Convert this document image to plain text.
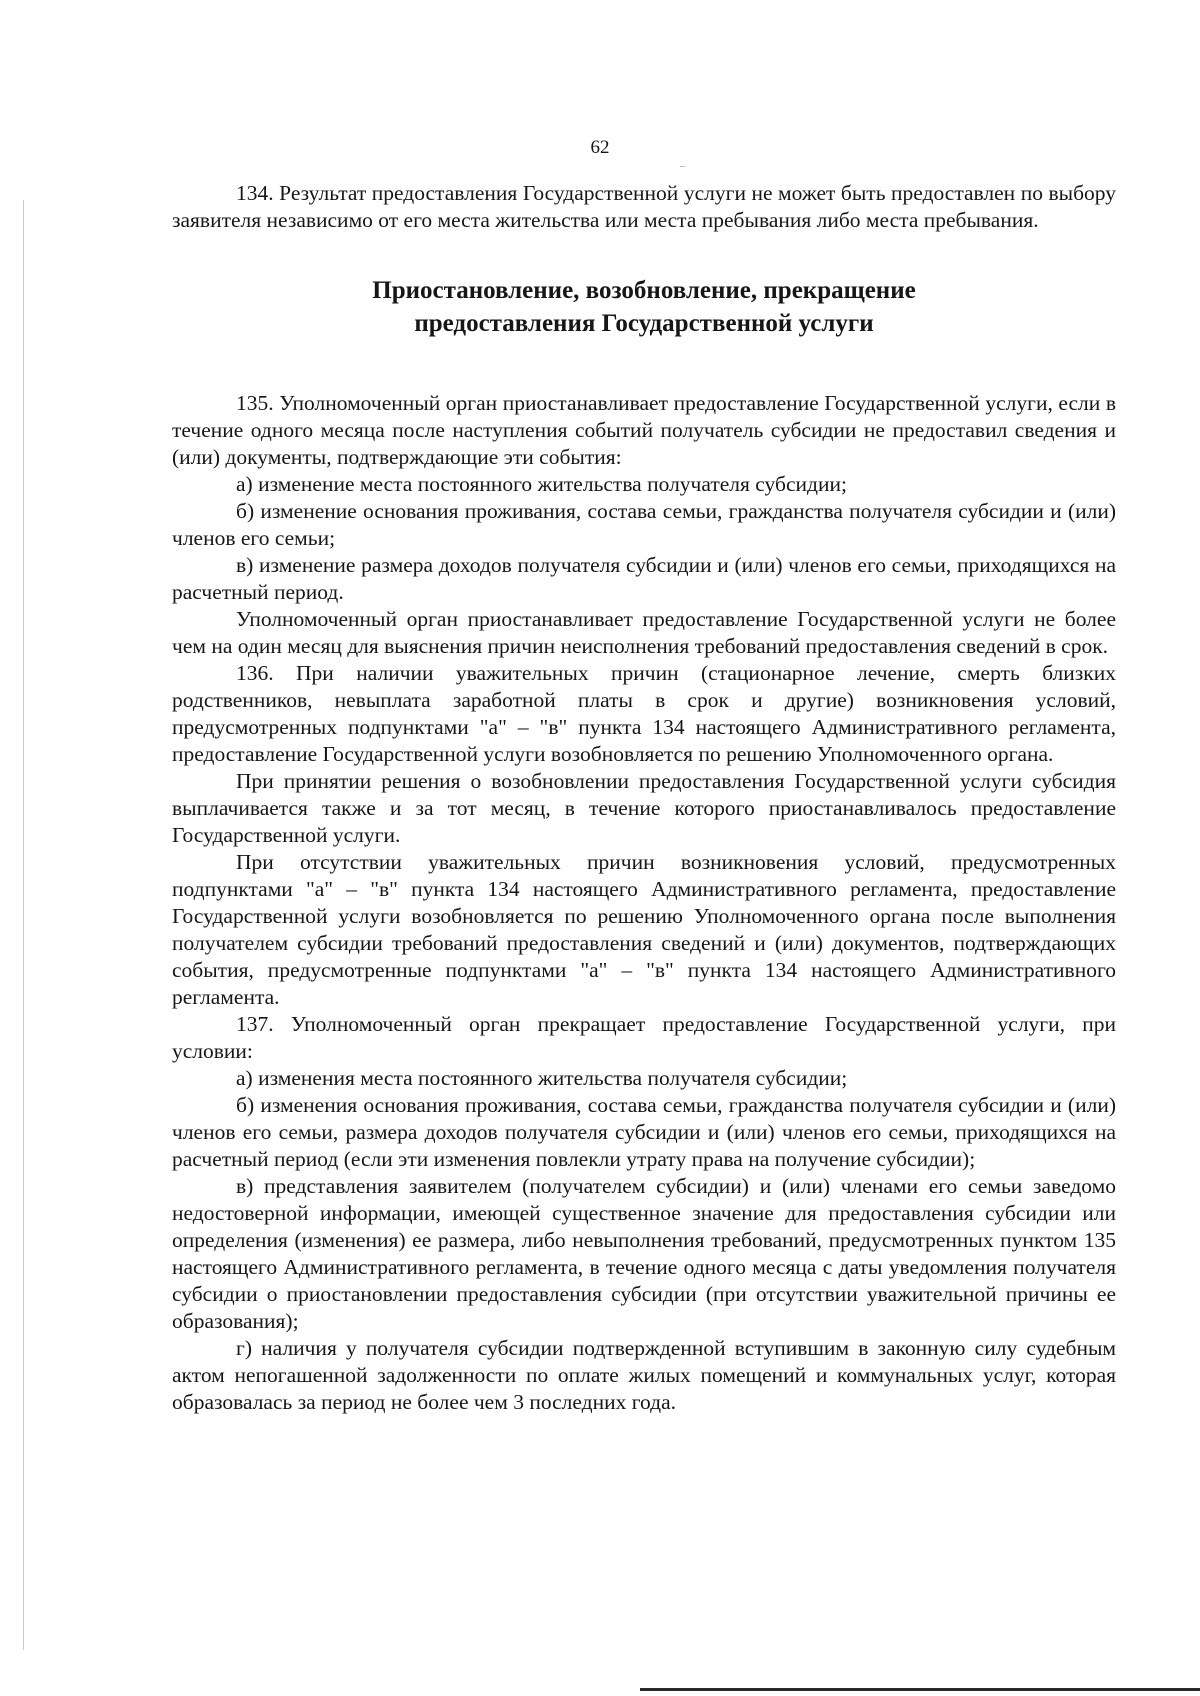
62

134. Результат предоставления Государственной услуги не может быть предоставлен по выбору заявителя независимо от его места жительства или места пребывания либо места пребывания.

Приостановление, возобновление, прекращение
предоставления Государственной услуги

135. Уполномоченный орган приостанавливает предоставление Государственной услуги, если в течение одного месяца после наступления событий получатель субсидии не предоставил сведения и (или) документы, подтверждающие эти события:

а) изменение места постоянного жительства получателя субсидии;

б) изменение основания проживания, состава семьи, гражданства получателя субсидии и (или) членов его семьи;

в) изменение размера доходов получателя субсидии и (или) членов его семьи, приходящихся на расчетный период.

Уполномоченный орган приостанавливает предоставление Государственной услуги не более чем на один месяц для выяснения причин неисполнения требований предоставления сведений в срок.

136. При наличии уважительных причин (стационарное лечение, смерть близких родственников, невыплата заработной платы в срок и другие) возникновения условий, предусмотренных подпунктами "а" – "в" пункта 134 настоящего Административного регламента, предоставление Государственной услуги возобновляется по решению Уполномоченного органа.

При принятии решения о возобновлении предоставления Государственной услуги субсидия выплачивается также и за тот месяц, в течение которого приостанавливалось предоставление Государственной услуги.

При отсутствии уважительных причин возникновения условий, предусмотренных подпунктами "а" – "в" пункта 134 настоящего Административного регламента, предоставление Государственной услуги возобновляется по решению Уполномоченного органа после выполнения получателем субсидии требований предоставления сведений и (или) документов, подтверждающих события, предусмотренные подпунктами "а" – "в" пункта 134 настоящего Административного регламента.

137. Уполномоченный орган прекращает предоставление Государственной услуги, при условии:

а) изменения места постоянного жительства получателя субсидии;

б) изменения основания проживания, состава семьи, гражданства получателя субсидии и (или) членов его семьи, размера доходов получателя субсидии и (или) членов его семьи, приходящихся на расчетный период (если эти изменения повлекли утрату права на получение субсидии);

в) представления заявителем (получателем субсидии) и (или) членами его семьи заведомо недостоверной информации, имеющей существенное значение для предоставления субсидии или определения (изменения) ее размера, либо невыполнения требований, предусмотренных пунктом 135 настоящего Административного регламента, в течение одного месяца с даты уведомления получателя субсидии о приостановлении предоставления субсидии (при отсутствии уважительной причины ее образования);

г) наличия у получателя субсидии подтвержденной вступившим в законную силу судебным актом непогашенной задолженности по оплате жилых помещений и коммунальных услуг, которая образовалась за период не более чем 3 последних года.
